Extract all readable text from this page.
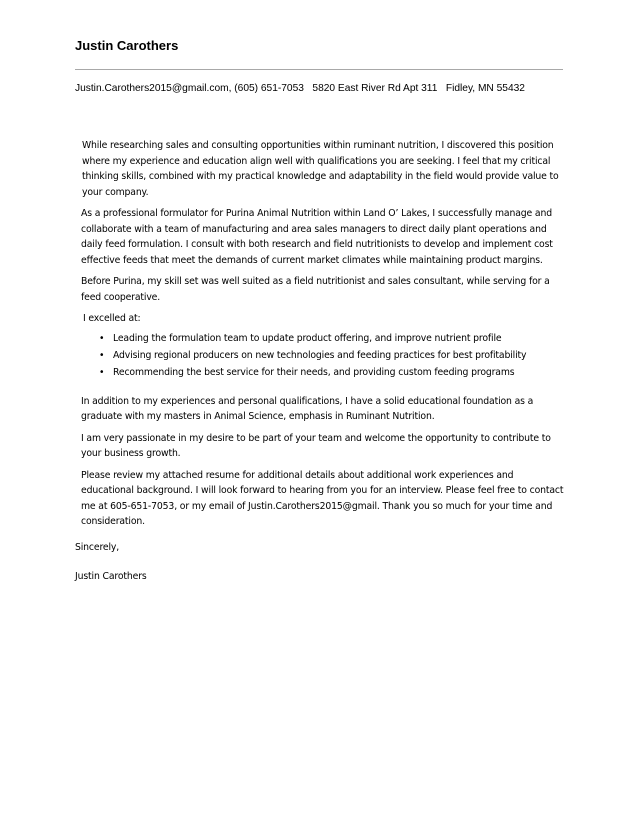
Justin Carothers
Justin.Carothers2015@gmail.com, (605) 651-7053   5820 East River Rd Apt 311   Fidley, MN 55432

While researching sales and consulting opportunities within ruminant nutrition, I discovered this position where my experience and education align well with qualifications you are seeking. I feel that my critical thinking skills, combined with my practical knowledge and adaptability in the field would provide value to your company.

As a professional formulator for Purina Animal Nutrition within Land O’ Lakes, I successfully manage and collaborate with a team of manufacturing and area sales managers to direct daily plant operations and daily feed formulation. I consult with both research and field nutritionists to develop and implement cost effective feeds that meet the demands of current market climates while maintaining product margins.

Before Purina, my skill set was well suited as a field nutritionist and sales consultant, while serving for a feed cooperative.

I excelled at:

• Leading the formulation team to update product offering, and improve nutrient profile
• Advising regional producers on new technologies and feeding practices for best profitability
• Recommending the best service for their needs, and providing custom feeding programs

In addition to my experiences and personal qualifications, I have a solid educational foundation as a graduate with my masters in Animal Science, emphasis in Ruminant Nutrition.

I am very passionate in my desire to be part of your team and welcome the opportunity to contribute to your business growth.

Please review my attached resume for additional details about additional work experiences and educational background. I will look forward to hearing from you for an interview. Please feel free to contact me at 605-651-7053, or my email of Justin.Carothers2015@gmail. Thank you so much for your time and consideration.

Sincerely,
Justin Carothers
